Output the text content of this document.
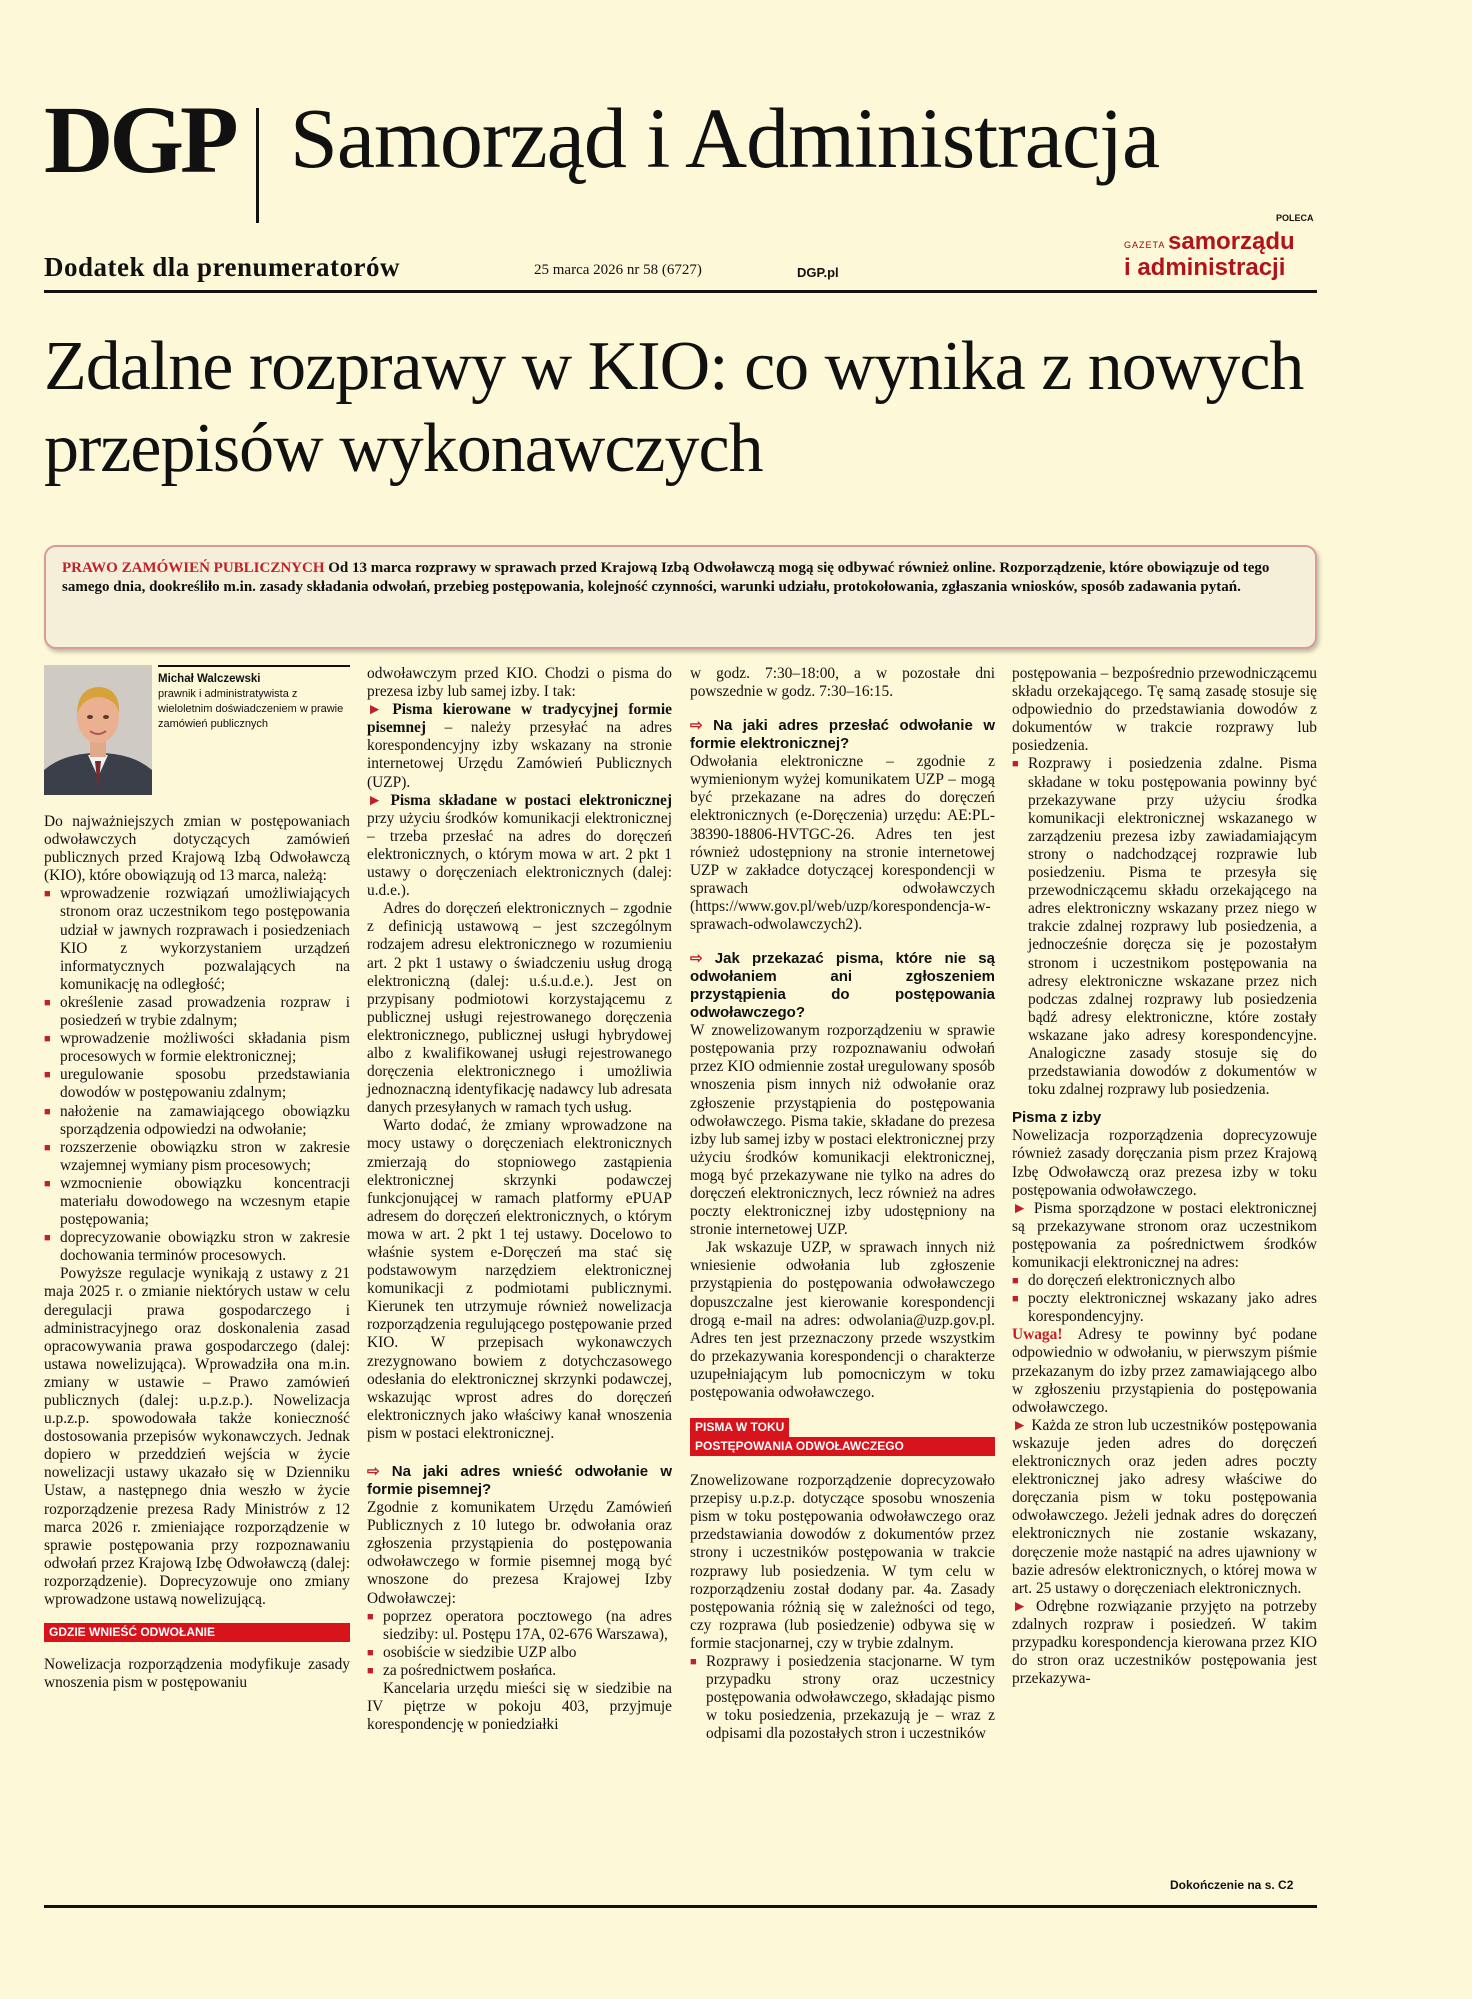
DGP Samorząd i Administracja
POLECA
GAZETA samorządu
i administracji
Dodatek dla prenumeratorów	25 marca 2026 nr 58 (6727)	DGP.pl
Zdalne rozprawy w KIO: co wynika z nowych przepisów wykonawczych

PRAWO ZAMÓWIEŃ PUBLICZNYCH Od 13 marca rozprawy w sprawach przed Krajową Izbą Odwoławczą mogą się odbywać również online. Rozporządzenie, które obowiązuje od tego samego dnia, dookreśliło m.in. zasady składania odwołań, przebieg postępowania, kolejność czynności, warunki udziału, protokołowania, zgłaszania wniosków, sposób zadawania pytań.

Michał Walczewski
prawnik i administratywista z wieloletnim doświadczeniem w prawie zamówień publicznych

Do najważniejszych zmian w postępowaniach odwoławczych dotyczących zamówień publicznych przed Krajową Izbą Odwoławczą (KIO), które obowiązują od 13 marca, należą:

■ wprowadzenie rozwiązań umożliwiających stronom oraz uczestnikom tego postępowania udział w jawnych rozprawach i posiedzeniach KIO z wykorzystaniem urządzeń informatycznych pozwalających na komunikację na odległość;
■ określenie zasad prowadzenia rozpraw i posiedzeń w trybie zdalnym;
■ wprowadzenie możliwości składania pism procesowych w formie elektronicznej;
■ uregulowanie sposobu przedstawiania dowodów w postępowaniu zdalnym;
■ nałożenie na zamawiającego obowiązku sporządzenia odpowiedzi na odwołanie;
■ rozszerzenie obowiązku stron w zakresie wzajemnej wymiany pism procesowych;
■ wzmocnienie obowiązku koncentracji materiału dowodowego na wczesnym etapie postępowania;
■ doprecyzowanie obowiązku stron w zakresie dochowania terminów procesowych.

Powyższe regulacje wynikają z ustawy z 21 maja 2025 r. o zmianie niektórych ustaw w celu deregulacji prawa gospodarczego i administracyjnego oraz doskonalenia zasad opracowywania prawa gospodarczego (dalej: ustawa nowelizująca). Wprowadziła ona m.in. zmiany w ustawie – Prawo zamówień publicznych (dalej: u.p.z.p.). Nowelizacja u.p.z.p. spowodowała także konieczność dostosowania przepisów wykonawczych. Jednak dopiero w przeddzień wejścia w życie nowelizacji ustawy ukazało się w Dzienniku Ustaw, a następnego dnia weszło w życie rozporządzenie prezesa Rady Ministrów z 12 marca 2026 r. zmieniające rozporządzenie w sprawie postępowania przy rozpoznawaniu odwołań przez Krajową Izbę Odwoławczą (dalej: rozporządzenie). Doprecyzowuje ono zmiany wprowadzone ustawą nowelizującą.

GDZIE WNIEŚĆ ODWOŁANIE

Nowelizacja rozporządzenia modyfikuje zasady wnoszenia pism w postępowaniu

odwoławczym przed KIO. Chodzi o pisma do prezesa izby lub samej izby. I tak:

► Pisma kierowane w tradycyjnej formie pisemnej – należy przesyłać na adres korespondencyjny izby wskazany na stronie internetowej Urzędu Zamówień Publicznych (UZP).

► Pisma składane w postaci elektronicznej przy użyciu środków komunikacji elektronicznej – trzeba przesłać na adres do doręczeń elektronicznych, o którym mowa w art. 2 pkt 1 ustawy o doręczeniach elektronicznych (dalej: u.d.e.).

Adres do doręczeń elektronicznych – zgodnie z definicją ustawową – jest szczególnym rodzajem adresu elektronicznego w rozumieniu art. 2 pkt 1 ustawy o świadczeniu usług drogą elektroniczną (dalej: u.ś.u.d.e.). Jest on przypisany podmiotowi korzystającemu z publicznej usługi rejestrowanego doręczenia elektronicznego, publicznej usługi hybrydowej albo z kwalifikowanej usługi rejestrowanego doręczenia elektronicznego i umożliwia jednoznaczną identyfikację nadawcy lub adresata danych przesyłanych w ramach tych usług.

Warto dodać, że zmiany wprowadzone na mocy ustawy o doręczeniach elektronicznych zmierzają do stopniowego zastąpienia elektronicznej skrzynki podawczej funkcjonującej w ramach platformy ePUAP adresem do doręczeń elektronicznych, o którym mowa w art. 2 pkt 1 tej ustawy. Docelowo to właśnie system e-Doręczeń ma stać się podstawowym narzędziem elektronicznej komunikacji z podmiotami publicznymi. Kierunek ten utrzymuje również nowelizacja rozporządzenia regulującego postępowanie przed KIO. W przepisach wykonawczych zrezygnowano bowiem z dotychczasowego odesłania do elektronicznej skrzynki podawczej, wskazując wprost adres do doręczeń elektronicznych jako właściwy kanał wnoszenia pism w postaci elektronicznej.

⇨ Na jaki adres wnieść odwołanie w formie pisemnej?

Zgodnie z komunikatem Urzędu Zamówień Publicznych z 10 lutego br. odwołania oraz zgłoszenia przystąpienia do postępowania odwoławczego w formie pisemnej mogą być wnoszone do prezesa Krajowej Izby Odwoławczej:

■ poprzez operatora pocztowego (na adres siedziby: ul. Postępu 17A, 02-676 Warszawa),
■ osobiście w siedzibie UZP albo
■ za pośrednictwem posłańca.

Kancelaria urzędu mieści się w siedzibie na IV piętrze w pokoju 403, przyjmuje korespondencję w poniedziałki

w godz. 7:30–18:00, a w pozostałe dni powszednie w godz. 7:30–16:15.

⇨ Na jaki adres przesłać odwołanie w formie elektronicznej?

Odwołania elektroniczne – zgodnie z wymienionym wyżej komunikatem UZP – mogą być przekazane na adres do doręczeń elektronicznych (e-Doręczenia) urzędu: AE:PL-38390-18806-HVTGC-26. Adres ten jest również udostępniony na stronie internetowej UZP w zakładce dotyczącej korespondencji w sprawach odwoławczych (https://www.gov.pl/web/uzp/korespondencja-w-sprawach-odwolawczych2).

⇨ Jak przekazać pisma, które nie są odwołaniem ani zgłoszeniem przystąpienia do postępowania odwoławczego?

W znowelizowanym rozporządzeniu w sprawie postępowania przy rozpoznawaniu odwołań przez KIO odmiennie został uregulowany sposób wnoszenia pism innych niż odwołanie oraz zgłoszenie przystąpienia do postępowania odwoławczego. Pisma takie, składane do prezesa izby lub samej izby w postaci elektronicznej przy użyciu środków komunikacji elektronicznej, mogą być przekazywane nie tylko na adres do doręczeń elektronicznych, lecz również na adres poczty elektronicznej izby udostępniony na stronie internetowej UZP.

Jak wskazuje UZP, w sprawach innych niż wniesienie odwołania lub zgłoszenie przystąpienia do postępowania odwoławczego dopuszczalne jest kierowanie korespondencji drogą e-mail na adres: odwolania@uzp.gov.pl. Adres ten jest przeznaczony przede wszystkim do przekazywania korespondencji o charakterze uzupełniającym lub pomocniczym w toku postępowania odwoławczego.

PISMA W TOKU
POSTĘPOWANIA ODWOŁAWCZEGO

Znowelizowane rozporządzenie doprecyzowało przepisy u.p.z.p. dotyczące sposobu wnoszenia pism w toku postępowania odwoławczego oraz przedstawiania dowodów z dokumentów przez strony i uczestników postępowania w trakcie rozprawy lub posiedzenia. W tym celu w rozporządzeniu został dodany par. 4a. Zasady postępowania różnią się w zależności od tego, czy rozprawa (lub posiedzenie) odbywa się w formie stacjonarnej, czy w trybie zdalnym.

■ Rozprawy i posiedzenia stacjonarne. W tym przypadku strony oraz uczestnicy postępowania odwoławczego, składając pismo w toku posiedzenia, przekazują je – wraz z odpisami dla pozostałych stron i uczestników

postępowania – bezpośrednio przewodniczącemu składu orzekającego. Tę samą zasadę stosuje się odpowiednio do przedstawiania dowodów z dokumentów w trakcie rozprawy lub posiedzenia.

■ Rozprawy i posiedzenia zdalne. Pisma składane w toku postępowania powinny być przekazywane przy użyciu środka komunikacji elektronicznej wskazanego w zarządzeniu prezesa izby zawiadamiającym strony o nadchodzącej rozprawie lub posiedzeniu. Pisma te przesyła się przewodniczącemu składu orzekającego na adres elektroniczny wskazany przez niego w trakcie zdalnej rozprawy lub posiedzenia, a jednocześnie doręcza się je pozostałym stronom i uczestnikom postępowania na adresy elektroniczne wskazane przez nich podczas zdalnej rozprawy lub posiedzenia bądź adresy elektroniczne, które zostały wskazane jako adresy korespondencyjne. Analogiczne zasady stosuje się do przedstawiania dowodów z dokumentów w toku zdalnej rozprawy lub posiedzenia.

Pisma z izby

Nowelizacja rozporządzenia doprecyzowuje również zasady doręczania pism przez Krajową Izbę Odwoławczą oraz prezesa izby w toku postępowania odwoławczego.

► Pisma sporządzone w postaci elektronicznej są przekazywane stronom oraz uczestnikom postępowania za pośrednictwem środków komunikacji elektronicznej na adres:

■ do doręczeń elektronicznych albo
■ poczty elektronicznej wskazany jako adres korespondencyjny.

Uwaga! Adresy te powinny być podane odpowiednio w odwołaniu, w pierwszym piśmie przekazanym do izby przez zamawiającego albo w zgłoszeniu przystąpienia do postępowania odwoławczego.

► Każda ze stron lub uczestników postępowania wskazuje jeden adres do doręczeń elektronicznych oraz jeden adres poczty elektronicznej jako adresy właściwe do doręczania pism w toku postępowania odwoławczego. Jeżeli jednak adres do doręczeń elektronicznych nie zostanie wskazany, doręczenie może nastąpić na adres ujawniony w bazie adresów elektronicznych, o której mowa w art. 25 ustawy o doręczeniach elektronicznych.

► Odrębne rozwiązanie przyjęto na potrzeby zdalnych rozpraw i posiedzeń. W takim przypadku korespondencja kierowana przez KIO do stron oraz uczestników postępowania jest przekazywa-

Dokończenie na s. C2
